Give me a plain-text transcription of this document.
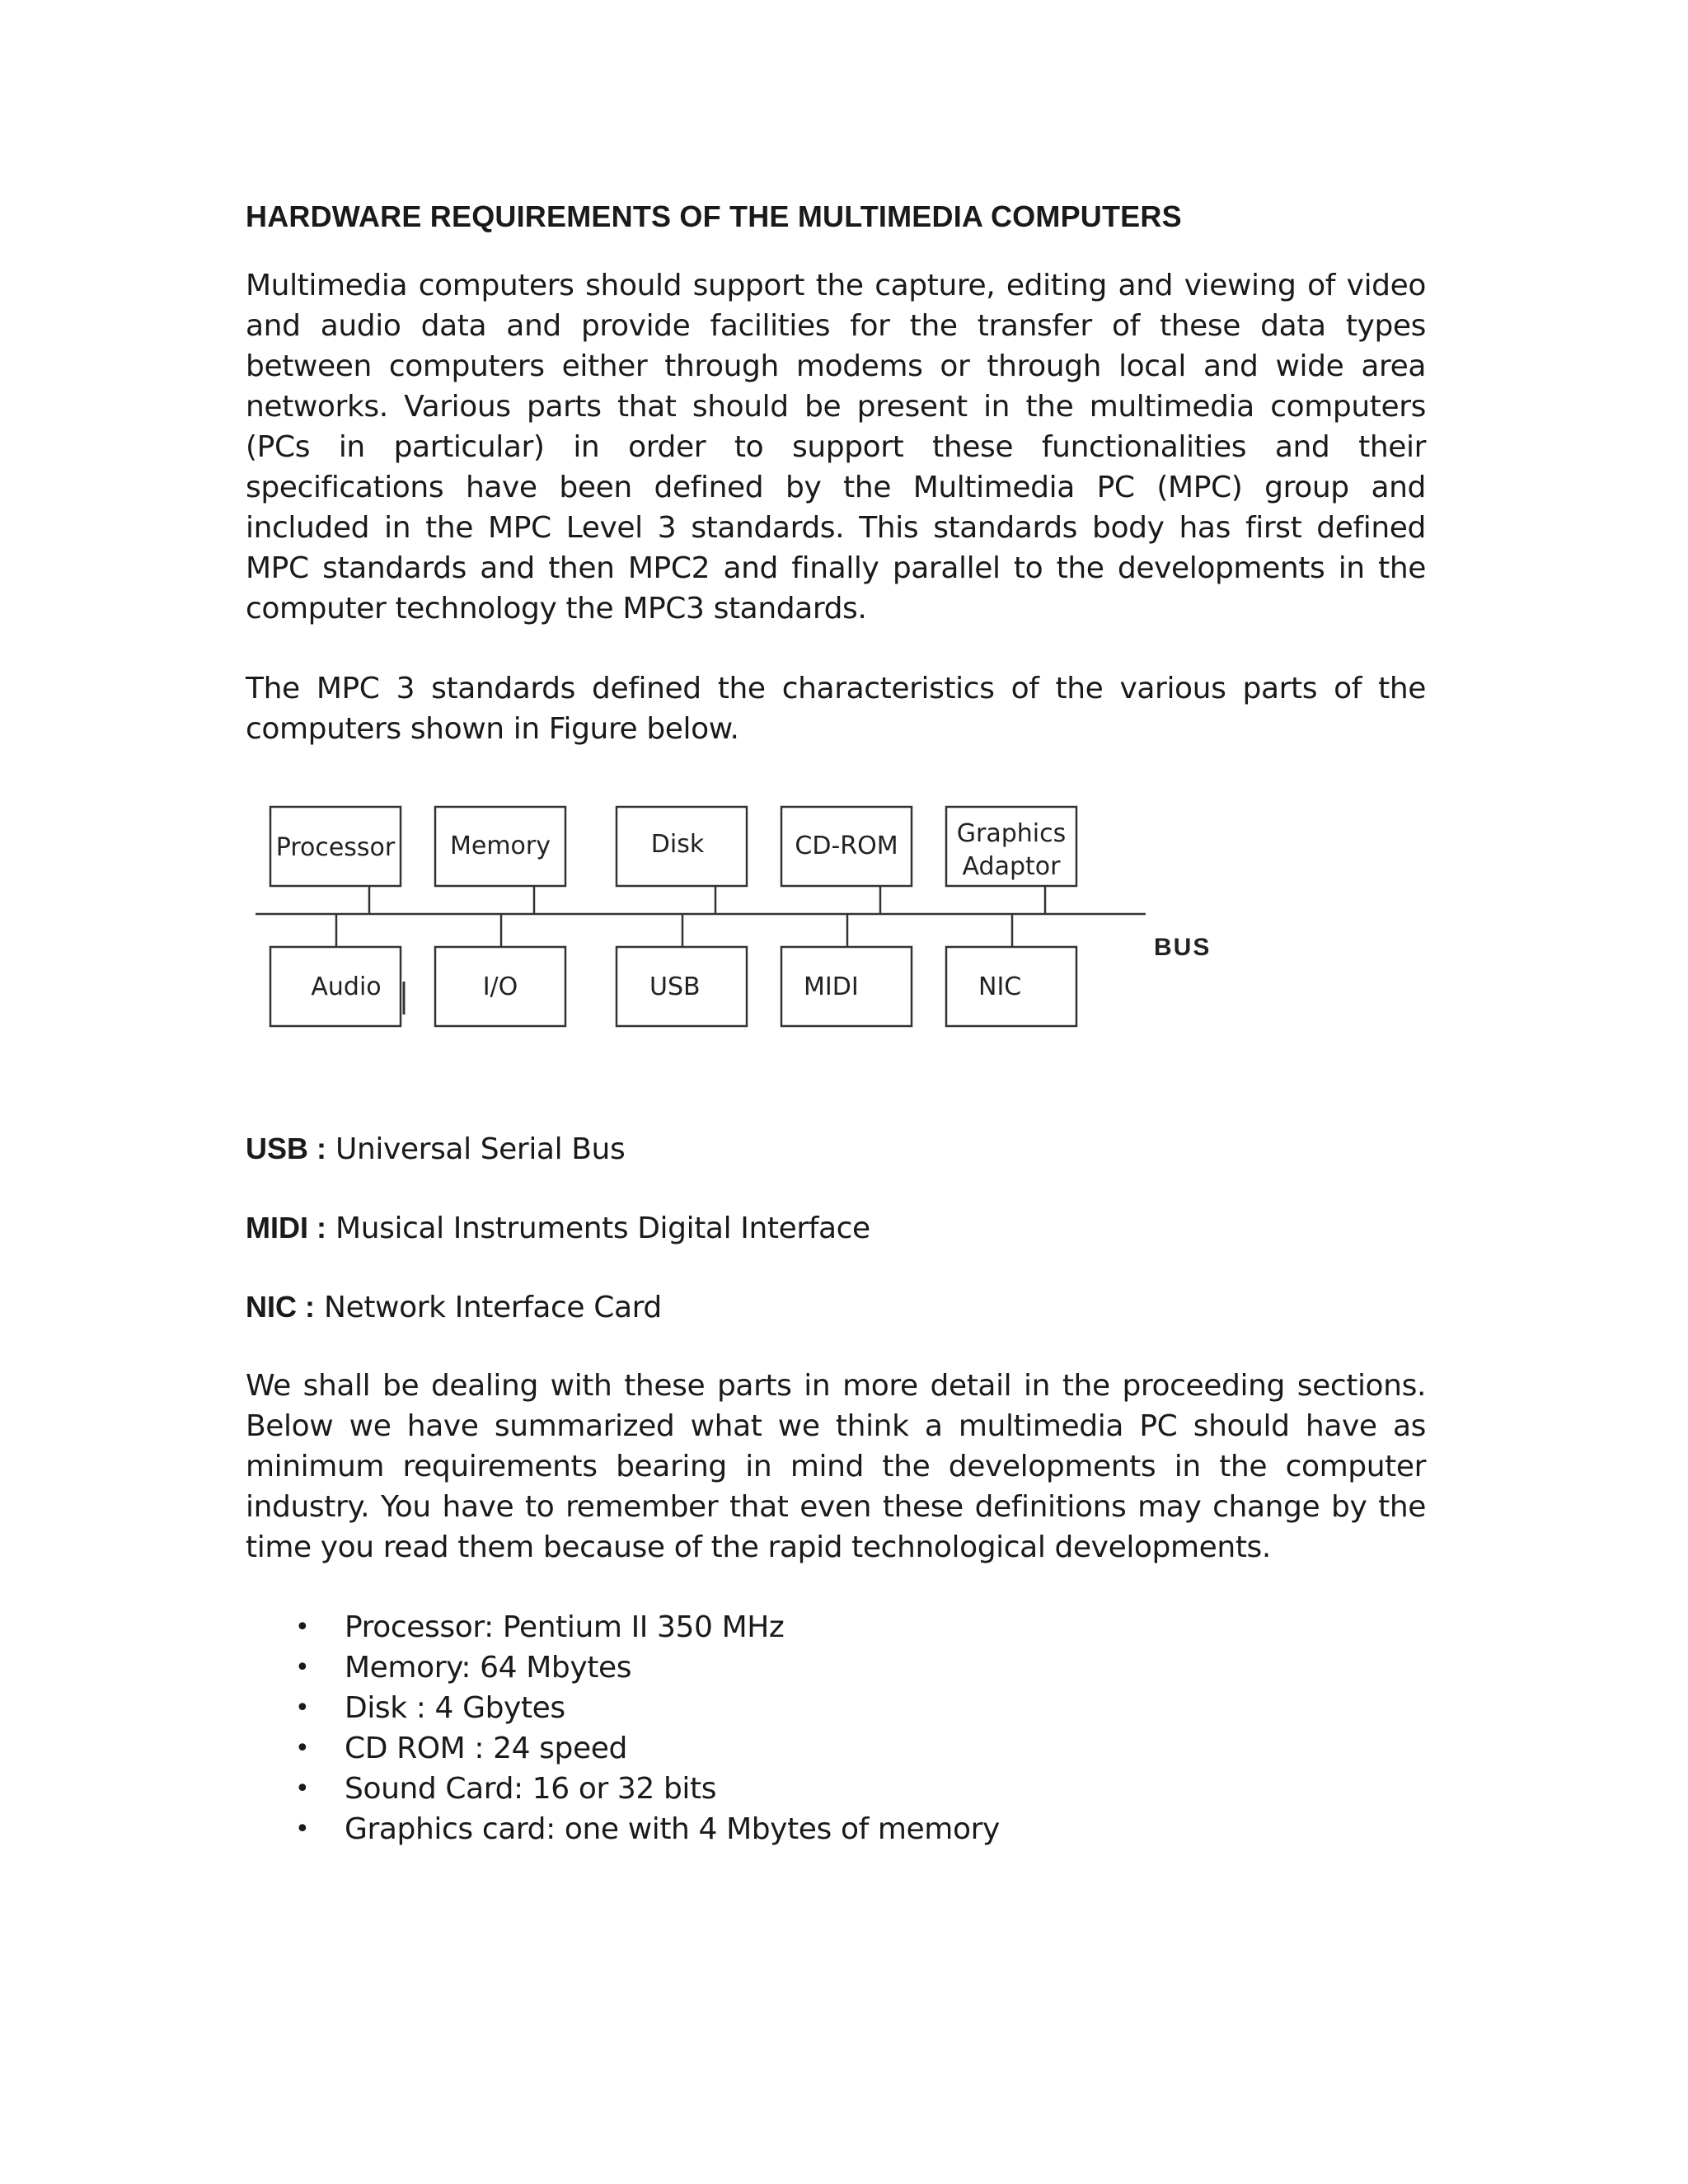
HARDWARE REQUIREMENTS OF THE MULTIMEDIA COMPUTERS

Multimedia computers should support the capture, editing and viewing of video and audio data and provide facilities for the transfer of these data types between computers either through modems or through local and wide area networks. Various parts that should be present in the multimedia computers (PCs in particular) in order to support these functionalities and their specifications have been defined by the Multimedia PC (MPC) group and included in the MPC Level 3 standards. This standards body has first defined MPC standards and then MPC2 and finally parallel to the developments in the computer technology the MPC3 standards.

The MPC 3 standards defined the characteristics of the various parts of the computers shown in Figure below.

Processor Memory	Disk	CD-ROM Graphics
Adaptor
Audio	I/O	USB	MIDI	NIC
BUS

USB : Universal Serial Bus

MIDI : Musical Instruments Digital Interface

NIC : Network Interface Card

We shall be dealing with these parts in more detail in the proceeding sections. Below we have summarized what we think a multimedia PC should have as minimum requirements bearing in mind the developments in the computer industry. You have to remember that even these definitions may change by the time you read them because of the rapid technological developments.

• Processor: Pentium II 350 MHz
• Memory: 64 Mbytes
• Disk : 4 Gbytes
• CD ROM : 24 speed
• Sound Card: 16 or 32 bits
• Graphics card: one with 4 Mbytes of memory
